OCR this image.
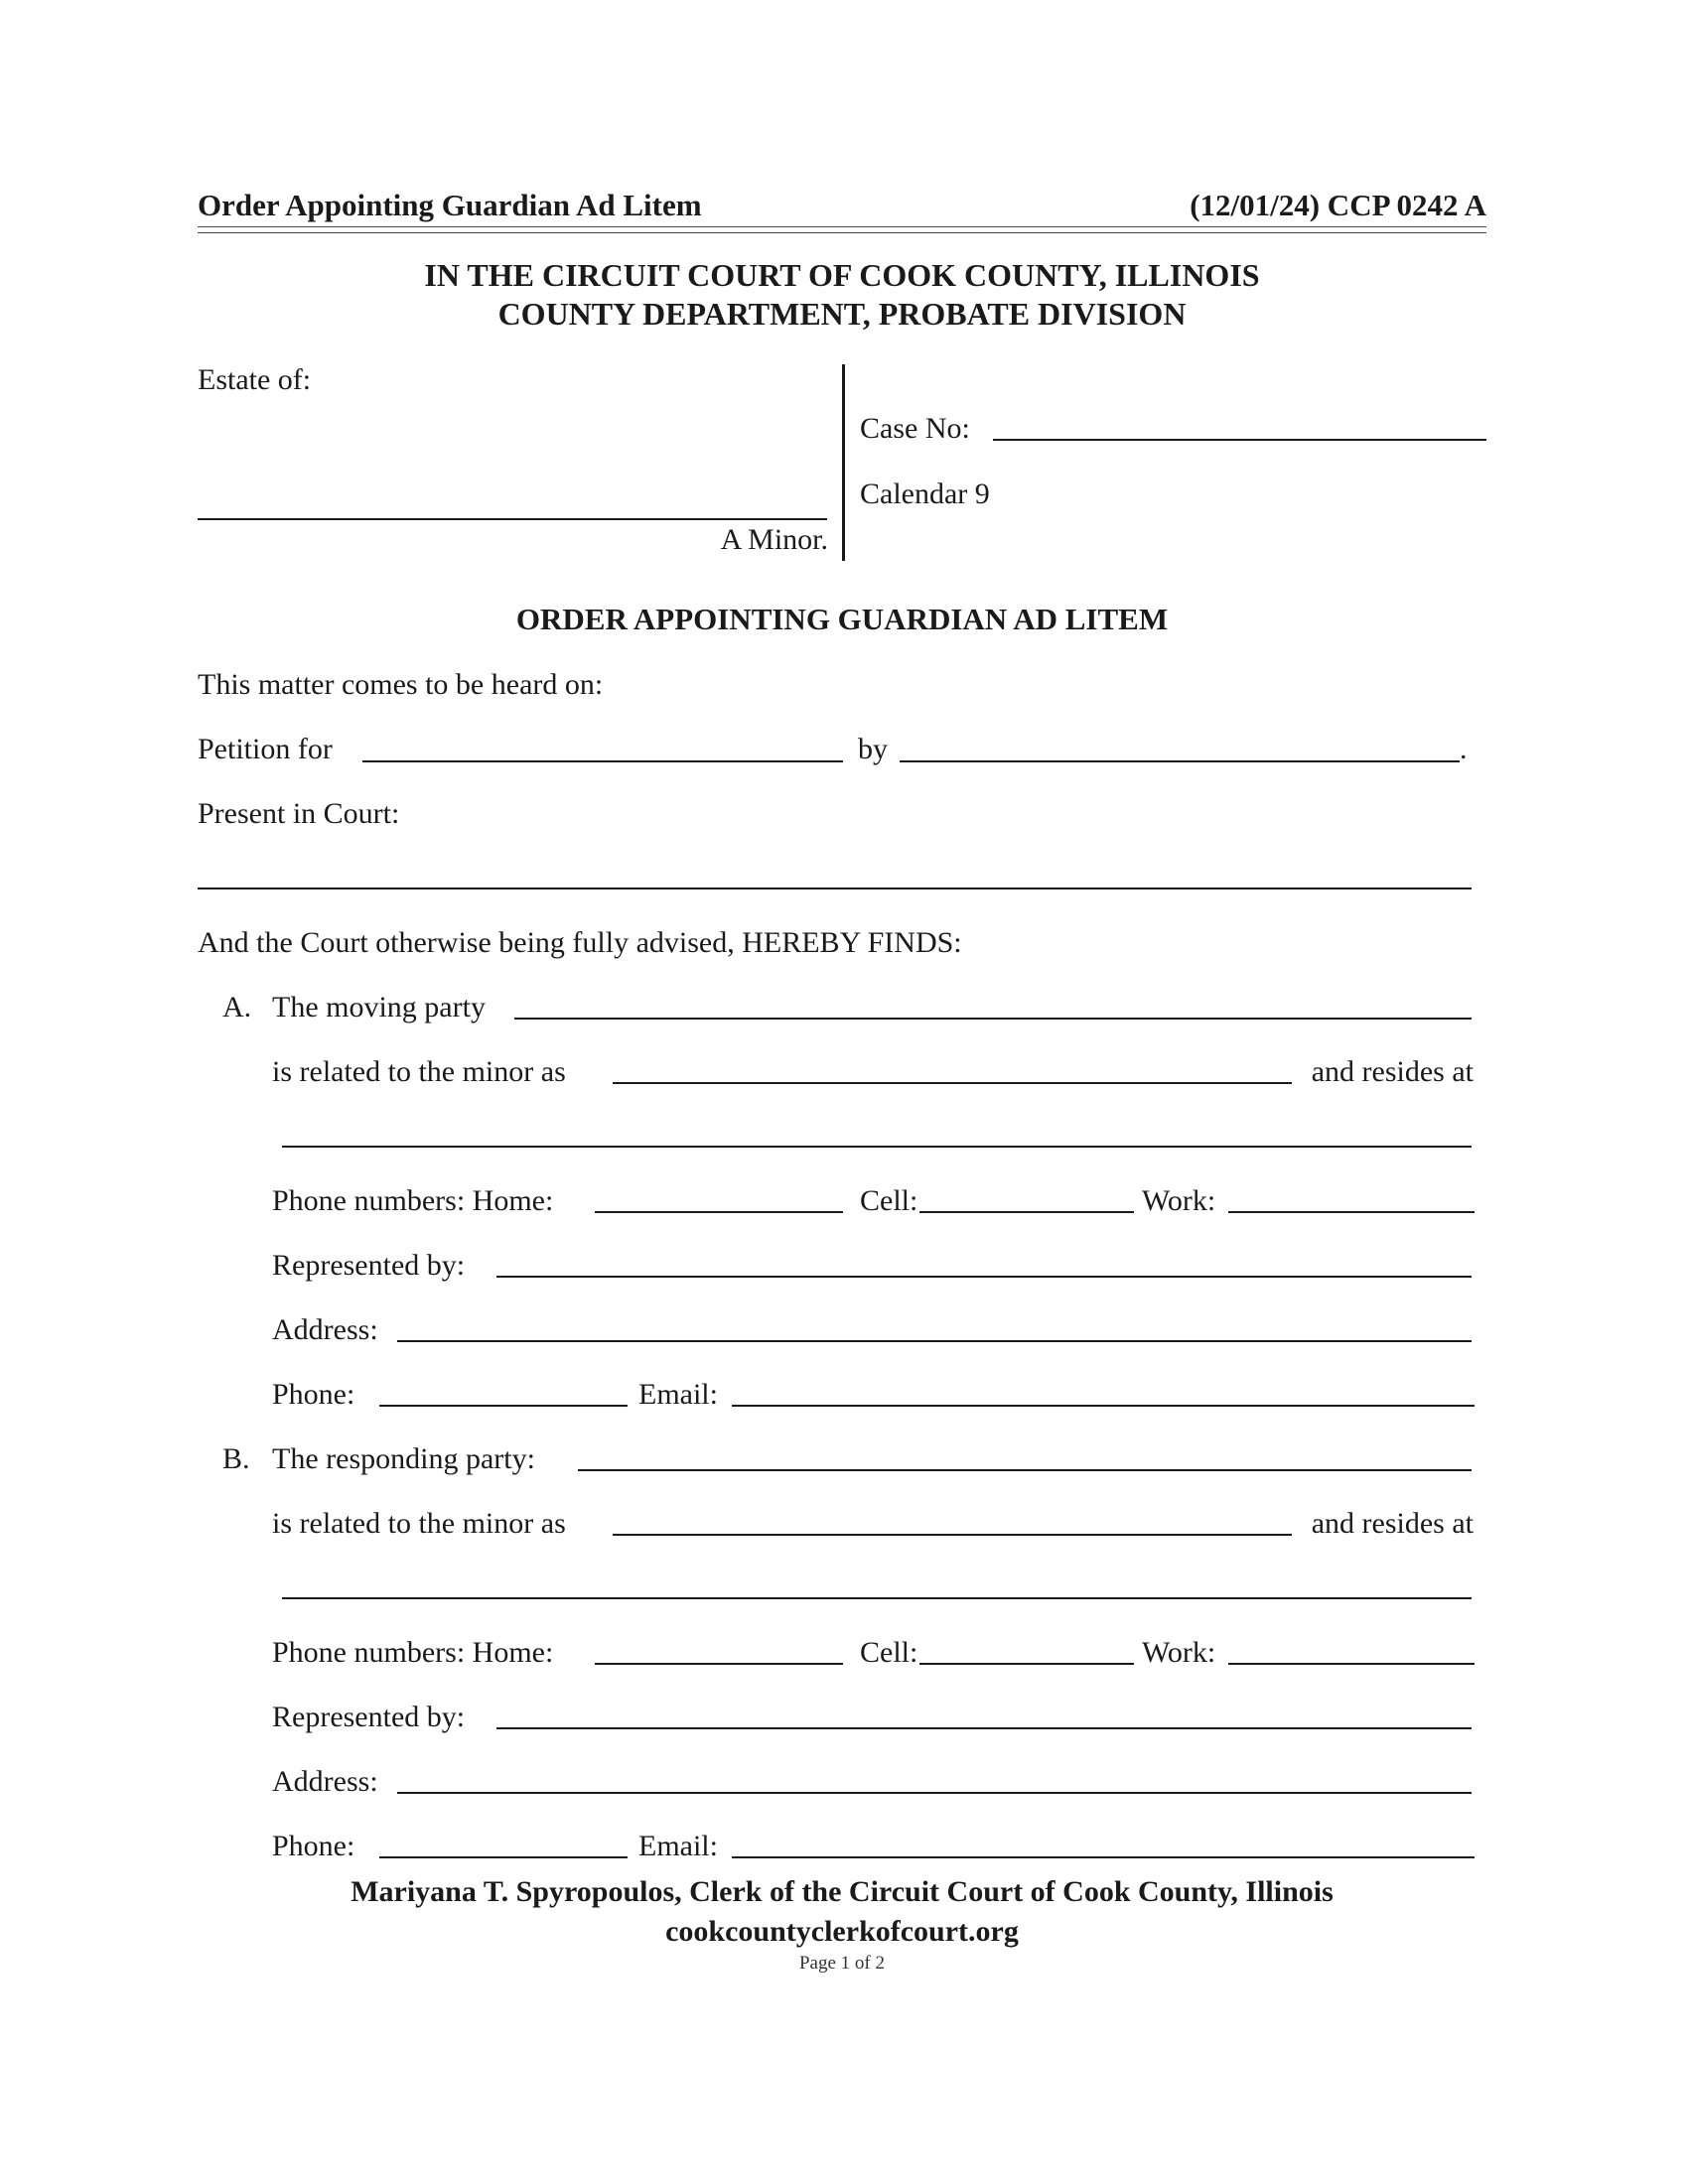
Order Appointing Guardian Ad Litem	(12/01/24) CCP 0242 A
IN THE CIRCUIT COURT OF COOK COUNTY, ILLINOIS
COUNTY DEPARTMENT, PROBATE DIVISION
Estate of:
A Minor.
Case No:
Calendar 9
ORDER APPOINTING GUARDIAN AD LITEM
This matter comes to be heard on:
Petition for	by	.
Present in Court:
And the Court otherwise being fully advised, HEREBY FINDS:
A. The moving party
is related to the minor as	and resides at
Phone numbers: Home:	Cell:	Work:
Represented by:
Address:
Phone:	Email:
B. The responding party:
is related to the minor as	and resides at
Phone numbers: Home:	Cell:	Work:
Represented by:
Address:
Phone:	Email:
Mariyana T. Spyropoulos, Clerk of the Circuit Court of Cook County, Illinois
cookcountyclerkofcourt.org
Page 1 of 2
